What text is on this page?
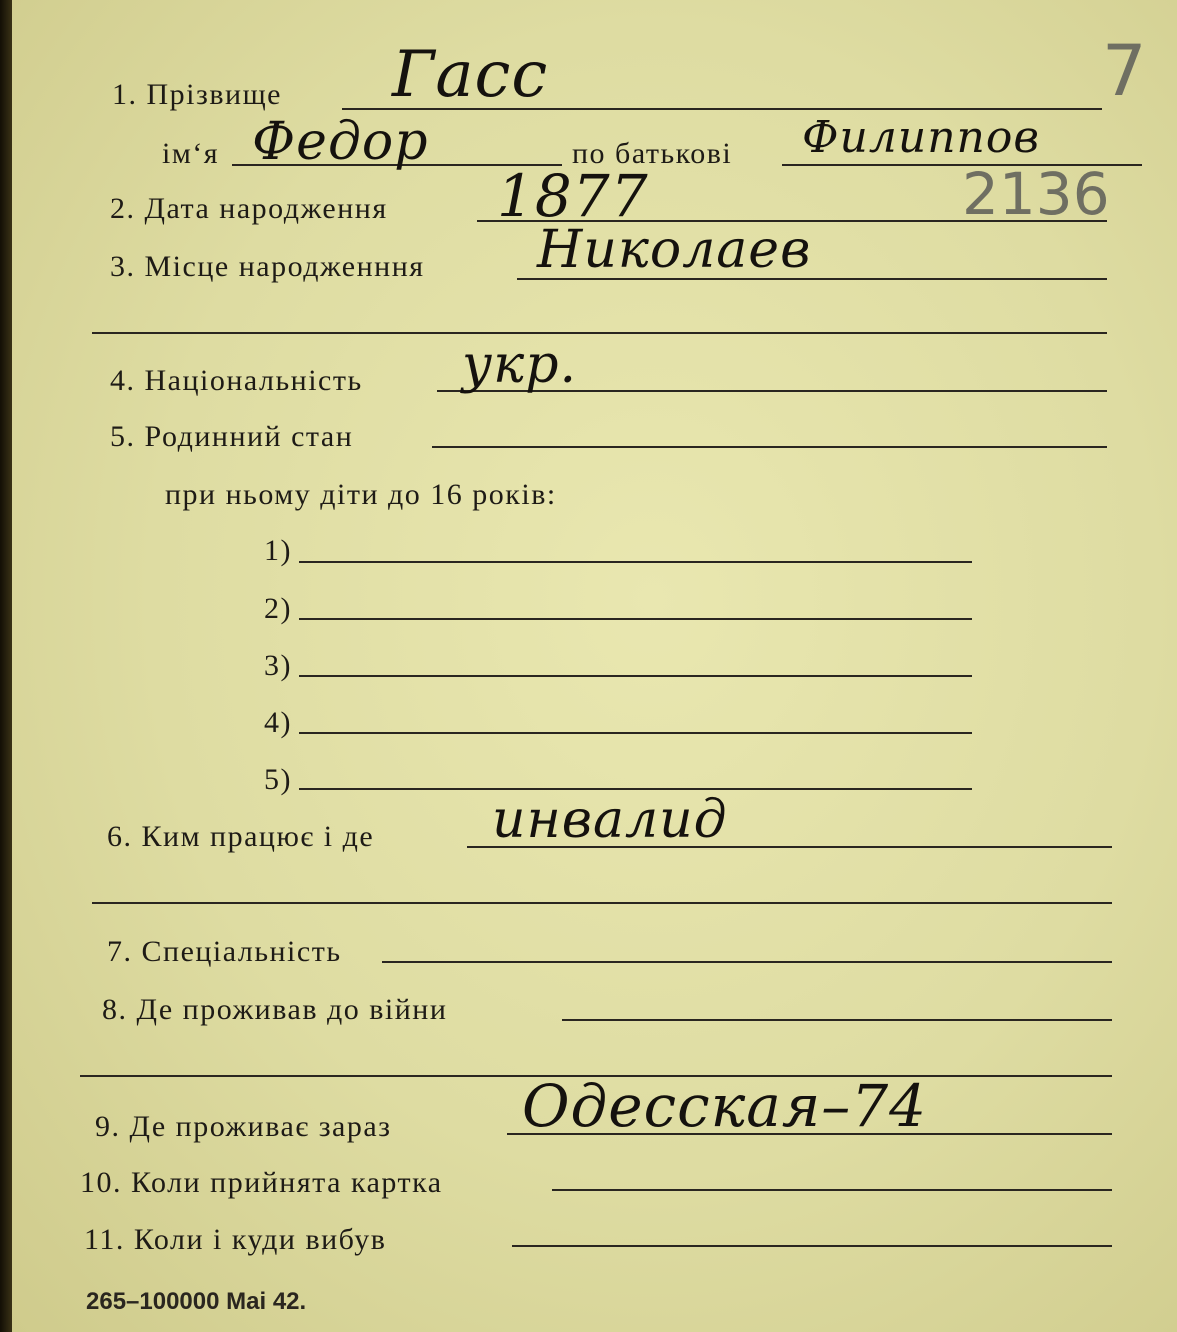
7
2136
1. Прізвище Гасс
ім‘я Федор	по батькові Филиппов
2. Дата народження 1877
3. Місце народженння Николаев
4. Національність укр.
5. Родинний стан
при ньому діти до 16 років:
1)
2)
3)
4)
5)
6. Ким працює і де инвалид
7. Спеціальність
8. Де проживав до війни
9. Де проживає зараз Одесская–74
10. Коли прийнята картка
11. Коли і куди вибув
265–100000 Mai 42.
